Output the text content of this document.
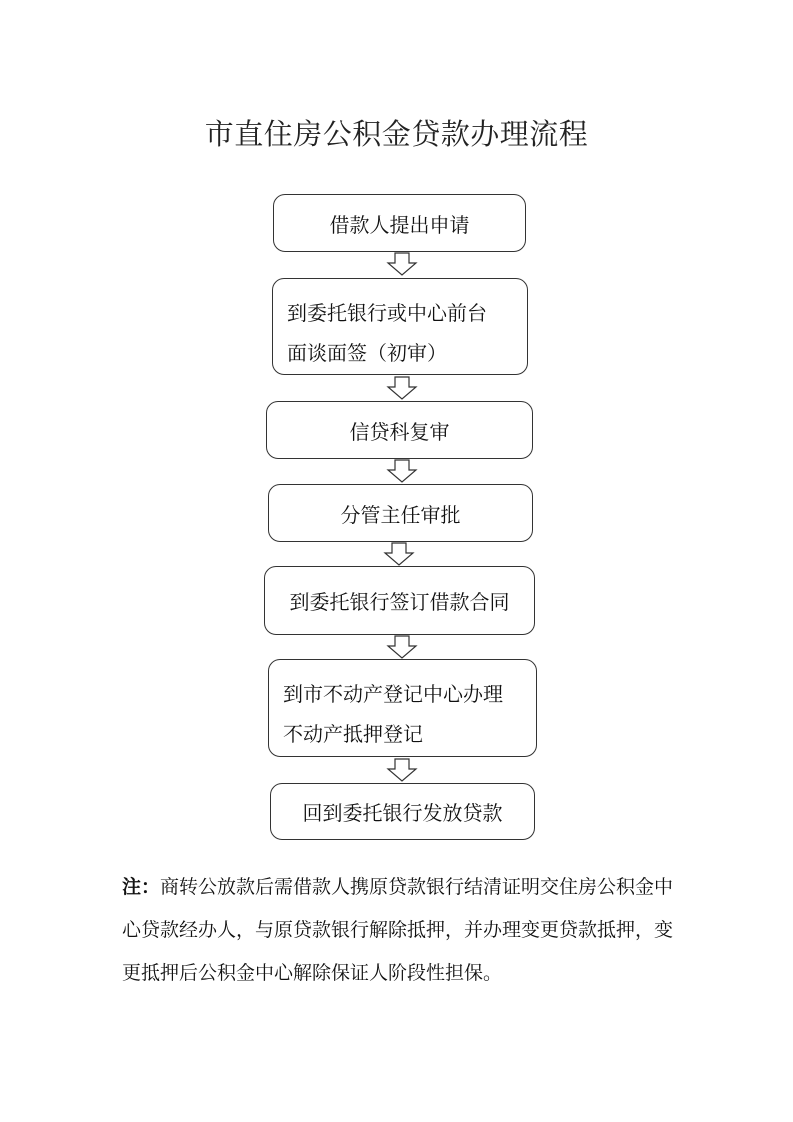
市直住房公积金贷款办理流程
借款人提出申请
到委托银行或中心前台
面谈面签（初审）
信贷科复审
分管主任审批
到委托银行签订借款合同
到市不动产登记中心办理
不动产抵押登记
回到委托银行发放贷款
注：商转公放款后需借款人携原贷款银行结清证明交住房公积金中心贷款经办人，与原贷款银行解除抵押，并办理变更贷款抵押，变更抵押后公积金中心解除保证人阶段性担保。
